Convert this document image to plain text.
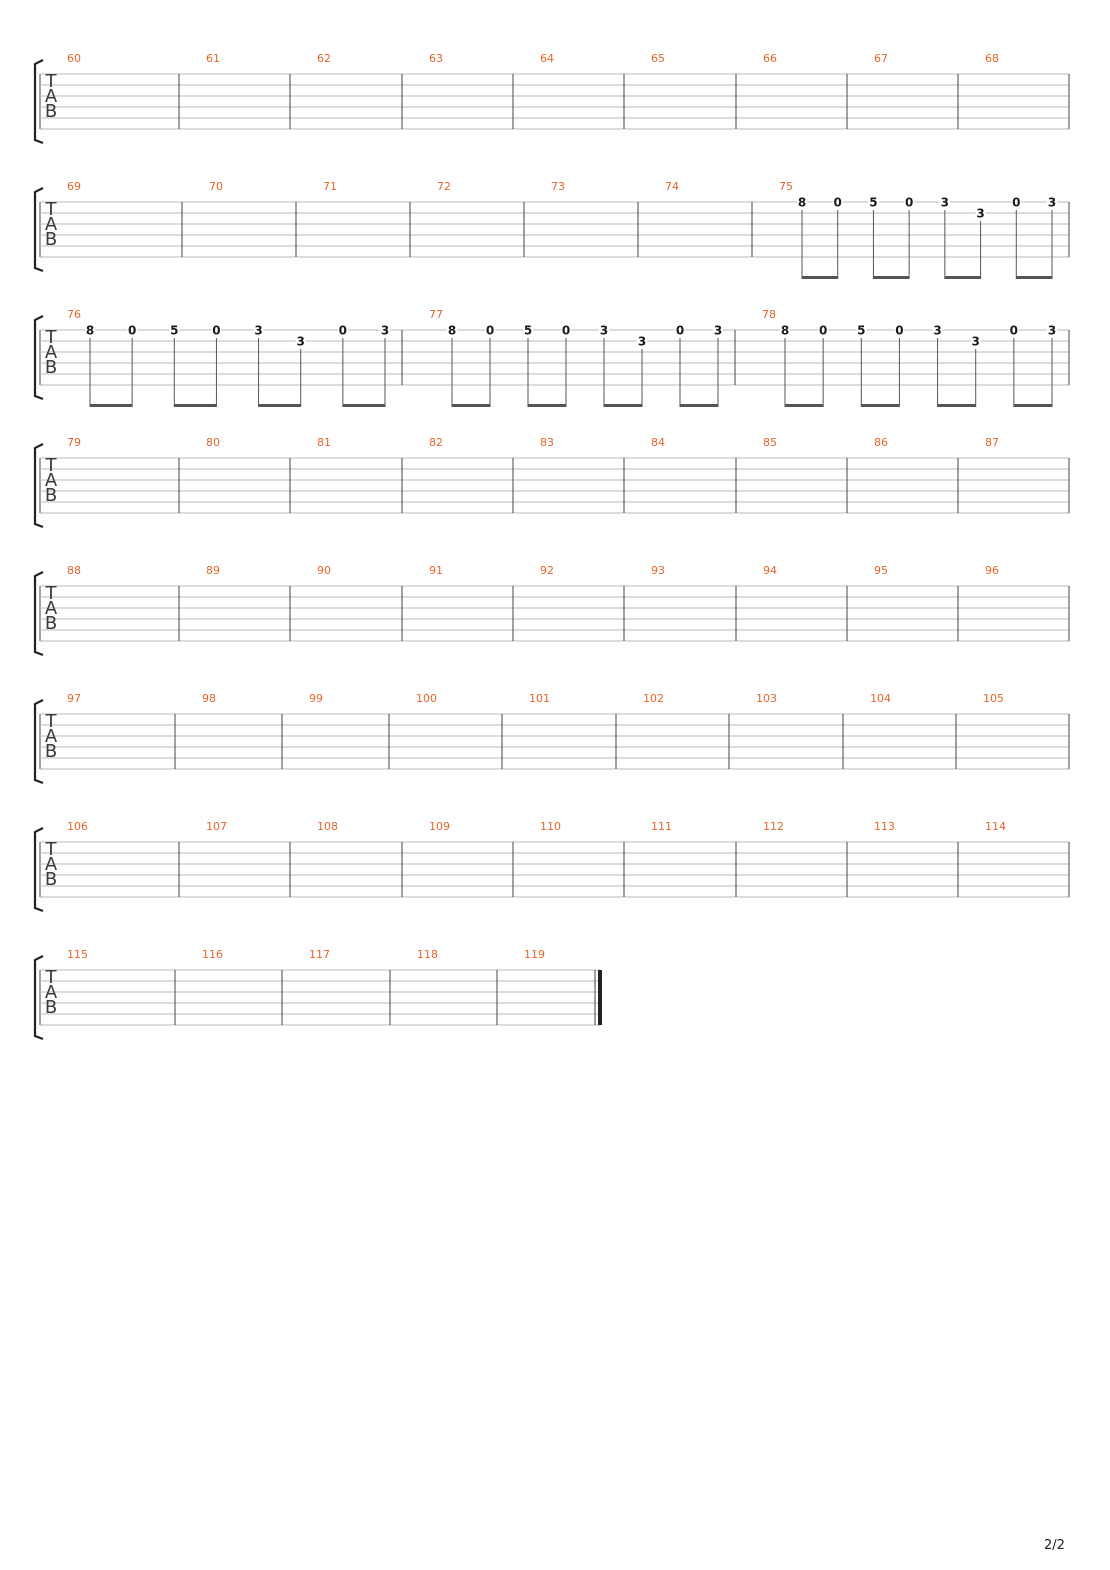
T
A
B
60	61	62	63	64	65	66	67	68
T
A
B
69	70	71	72	73	74	75
8 0 5 0 3
3
0 3
T
A
B
76	77	78
8	0	5	0	3
3
0	3	8 0 5 0 3
3
0 3	8 0 5 0 3
3
0 3
T
A
B
79	80	81	82	83	84	85	86	87
T
A
B
88	89	90	91	92	93	94	95	96
T
A
B
97	98	99	100	101	102	103	104	105
T
A
B
106	107	108	109	110	111	112	113	114
T
A
B
115	116	117	118	119
2/2
